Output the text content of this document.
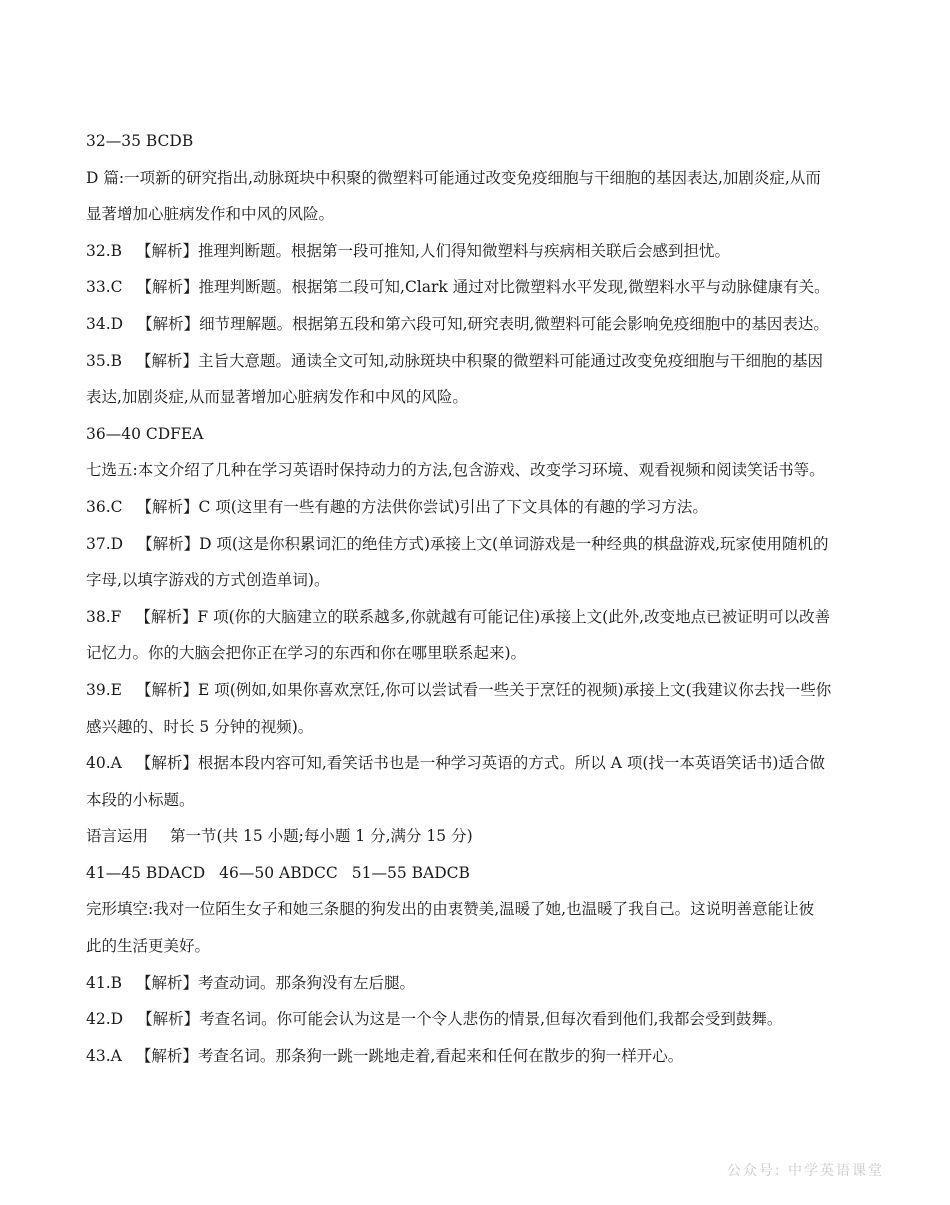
32—35 BCDB

D 篇:一项新的研究指出,动脉斑块中积聚的微塑料可能通过改变免疫细胞与干细胞的基因表达,加剧炎症,从而

显著增加心脏病发作和中风的风险。

32.B 【解析】推理判断题。根据第一段可推知,人们得知微塑料与疾病相关联后会感到担忧。

33.C 【解析】推理判断题。根据第二段可知,Clark 通过对比微塑料水平发现,微塑料水平与动脉健康有关。

34.D 【解析】细节理解题。根据第五段和第六段可知,研究表明,微塑料可能会影响免疫细胞中的基因表达。

35.B 【解析】主旨大意题。通读全文可知,动脉斑块中积聚的微塑料可能通过改变免疫细胞与干细胞的基因

表达,加剧炎症,从而显著增加心脏病发作和中风的风险。

36—40 CDFEA

七选五:本文介绍了几种在学习英语时保持动力的方法,包含游戏、改变学习环境、观看视频和阅读笑话书等。

36.C 【解析】C 项(这里有一些有趣的方法供你尝试)引出了下文具体的有趣的学习方法。

37.D 【解析】D 项(这是你积累词汇的绝佳方式)承接上文(单词游戏是一种经典的棋盘游戏,玩家使用随机的

字母,以填字游戏的方式创造单词)。

38.F 【解析】F 项(你的大脑建立的联系越多,你就越有可能记住)承接上文(此外,改变地点已被证明可以改善

记忆力。你的大脑会把你正在学习的东西和你在哪里联系起来)。

39.E 【解析】E 项(例如,如果你喜欢烹饪,你可以尝试看一些关于烹饪的视频)承接上文(我建议你去找一些你

感兴趣的、时长 5 分钟的视频)。

40.A 【解析】根据本段内容可知,看笑话书也是一种学习英语的方式。所以 A 项(找一本英语笑话书)适合做

本段的小标题。

语言运用 第一节(共 15 小题;每小题 1 分,满分 15 分)

41—45 BDACD 46—50 ABDCC 51—55 BADCB

完形填空:我对一位陌生女子和她三条腿的狗发出的由衷赞美,温暖了她,也温暖了我自己。这说明善意能让彼

此的生活更美好。

41.B 【解析】考查动词。那条狗没有左后腿。

42.D 【解析】考查名词。你可能会认为这是一个令人悲伤的情景,但每次看到他们,我都会受到鼓舞。

43.A 【解析】考查名词。那条狗一跳一跳地走着,看起来和任何在散步的狗一样开心。

公众号: 中学英语课堂
